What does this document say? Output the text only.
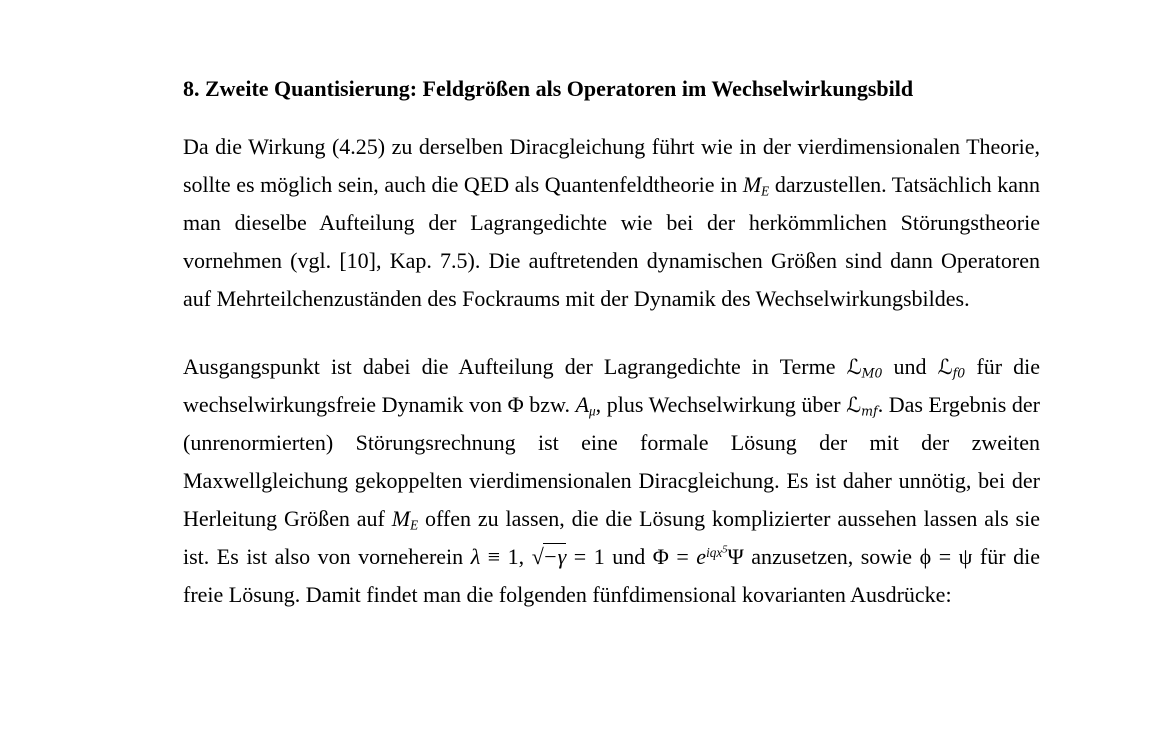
8. Zweite Quantisierung: Feldgrößen als Operatoren im Wechselwirkungsbild

Da die Wirkung (4.25) zu derselben Diracgleichung führt wie in der vierdimensionalen Theorie, sollte es möglich sein, auch die QED als Quantenfeldtheorie in $M_E$ darzustellen. Tatsächlich kann man dieselbe Aufteilung der Lagrangedichte wie bei der herkömmlichen Störungstheorie vornehmen (vgl. [10], Kap. 7.5). Die auftretenden dynamischen Größen sind dann Operatoren auf Mehrteilchenzuständen des Fockraums mit der Dynamik des Wechselwirkungsbildes.

Ausgangspunkt ist dabei die Aufteilung der Lagrangedichte in Terme ℒ$_{M0}$ und ℒ$_{f0}$ für die wechselwirkungsfreie Dynamik von Φ bzw. $A_\mu$, plus Wechselwirkung über ℒ$_{mf}$. Das Ergebnis der (unrenormierten) Störungsrechnung ist eine formale Lösung der mit der zweiten Maxwellgleichung gekoppelten vierdimensionalen Diracgleichung. Es ist daher unnötig, bei der Herleitung Größen auf $M_E$ offen zu lassen, die die Lösung komplizierter aussehen lassen als sie ist. Es ist also von vorneherein λ ≡ 1, √−γ = 1 und $\Phi = e^{iqx^5}\Psi$ anzusetzen, sowie ϕ = ψ für die freie Lösung. Damit findet man die folgenden fünfdimensional kovarianten Ausdrücke:
